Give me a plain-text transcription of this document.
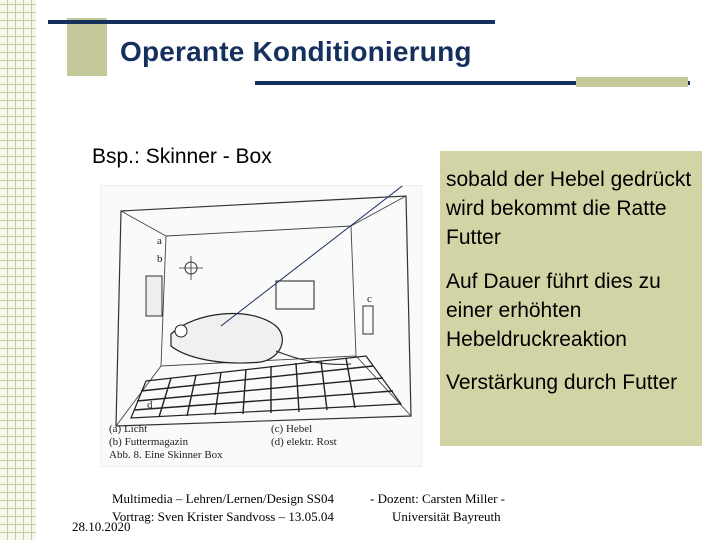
Operante Konditionierung
Bsp.: Skinner - Box
a
b
c
d
(a) Licht	(c) Hebel
(b) Futtermagazin	(d) elektr. Rost
Abb. 8. Eine Skinner Box

sobald der Hebel gedrückt wird bekommt die Ratte Futter

Auf Dauer führt dies zu einer erhöhten Hebeldruckreaktion

Verstärkung durch Futter

Multimedia – Lehren/Lernen/Design SS04
Vortrag: Sven Krister Sandvoss – 13.05.04
28.10.2020
- Dozent: Carsten Miller -
Universität Bayreuth
